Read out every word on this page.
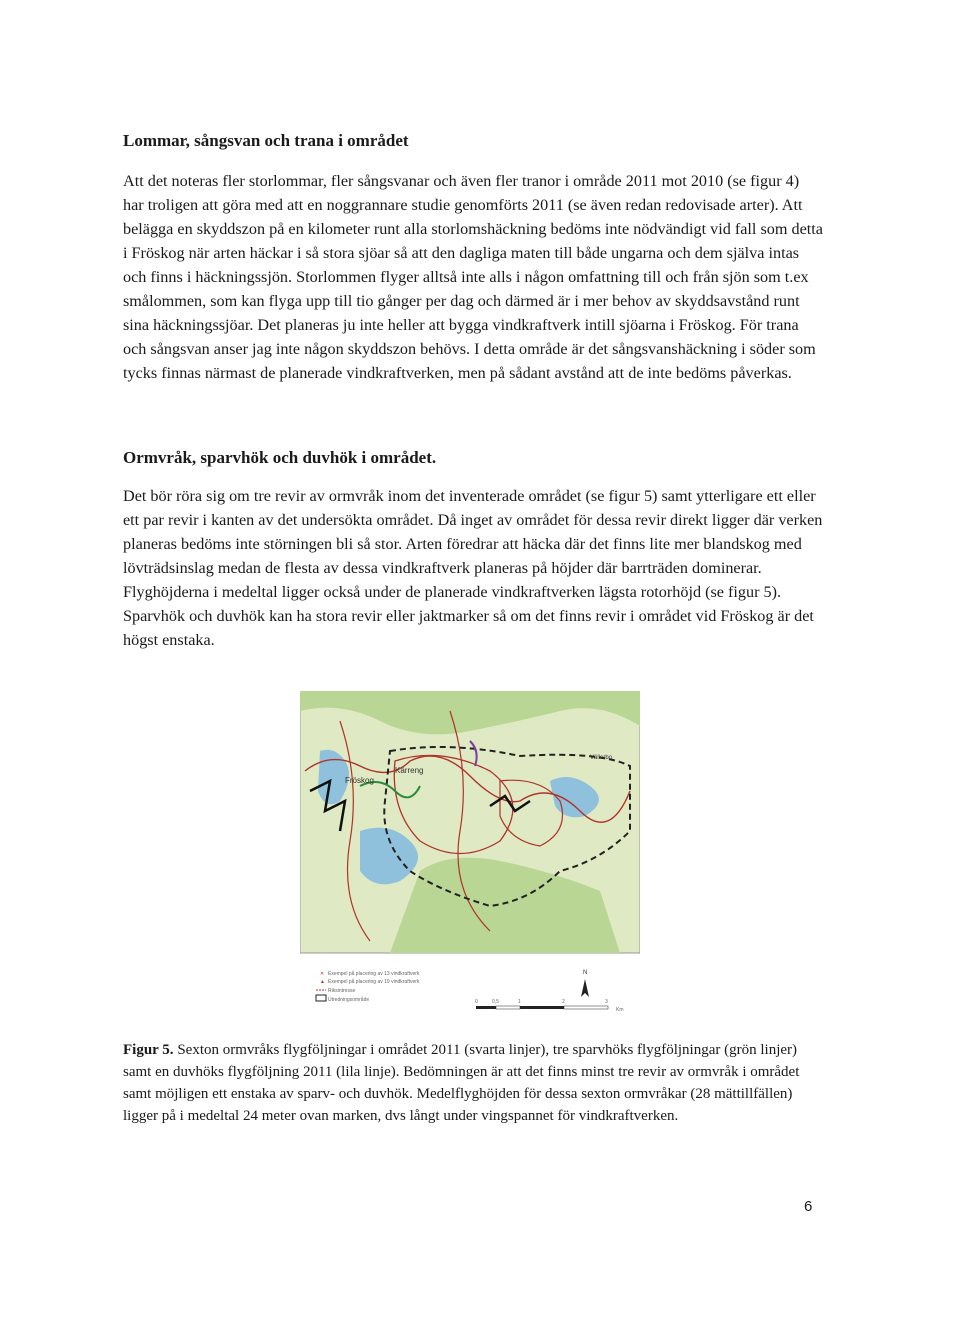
Lommar, sångsvan och trana i området

Att det noteras fler storlommar, fler sångsvanar och även fler tranor i område 2011 mot 2010 (se figur 4) har troligen att göra med att en noggrannare studie genomförts 2011 (se även redan redovisade arter). Att belägga en skyddszon på en kilometer runt alla storlomshäckning bedöms inte nödvändigt vid fall som detta i Fröskog när arten häckar i så stora sjöar så att den dagliga maten till både ungarna och dem själva intas och finns i häckningssjön. Storlommen flyger alltså inte alls i någon omfattning till och från sjön som t.ex smålommen, som kan flyga upp till tio gånger per dag och därmed är i mer behov av skyddsavstånd runt sina häckningssjöar. Det planeras ju inte heller att bygga vindkraftverk intill sjöarna i Fröskog. För trana och sångsvan anser jag inte någon skyddszon behövs. I detta område är det sångsvanshäckning i söder som tycks finnas närmast de planerade vindkraftverken, men på sådant avstånd att de inte bedöms påverkas.

Ormvråk, sparvhök och duvhök i området.

Det bör röra sig om tre revir av ormvråk inom det inventerade området (se figur 5) samt ytterligare ett eller ett par revir i kanten av det undersökta området. Då inget av området för dessa revir direkt ligger där verken planeras bedöms inte störningen bli så stor. Arten föredrar att häcka där det finns lite mer blandskog med lövträdsinslag medan de flesta av dessa vindkraftverk planeras på höjder där barrträden dominerar. Flyghöjderna i medeltal ligger också under de planerade vindkraftverken lägsta rotorhöjd (se figur 5). Sparvhök och duvhök kan ha stora revir eller jaktmarker så om det finns revir i området vid Fröskog är det högst enstaka.

Fröskog
Kärreng
Vällerbo
✕ Exempel på placering av 13 vindkraftverk
▲ Exempel på placering av 19 vindkraftverk
Riksintresse
Utredningsområde
N
0	0,5	1	2	3
Km

Figur 5. Sexton ormvråks flygföljningar i området 2011 (svarta linjer), tre sparvhöks flygföljningar (grön linjer) samt en duvhöks flygföljning 2011 (lila linje). Bedömningen är att det finns minst tre revir av ormvråk i området samt möjligen ett enstaka av sparv- och duvhök. Medelflyghöjden för dessa sexton ormvråkar (28 mättillfällen) ligger på i medeltal 24 meter ovan marken, dvs långt under vingspannet för vindkraftverken.

6
